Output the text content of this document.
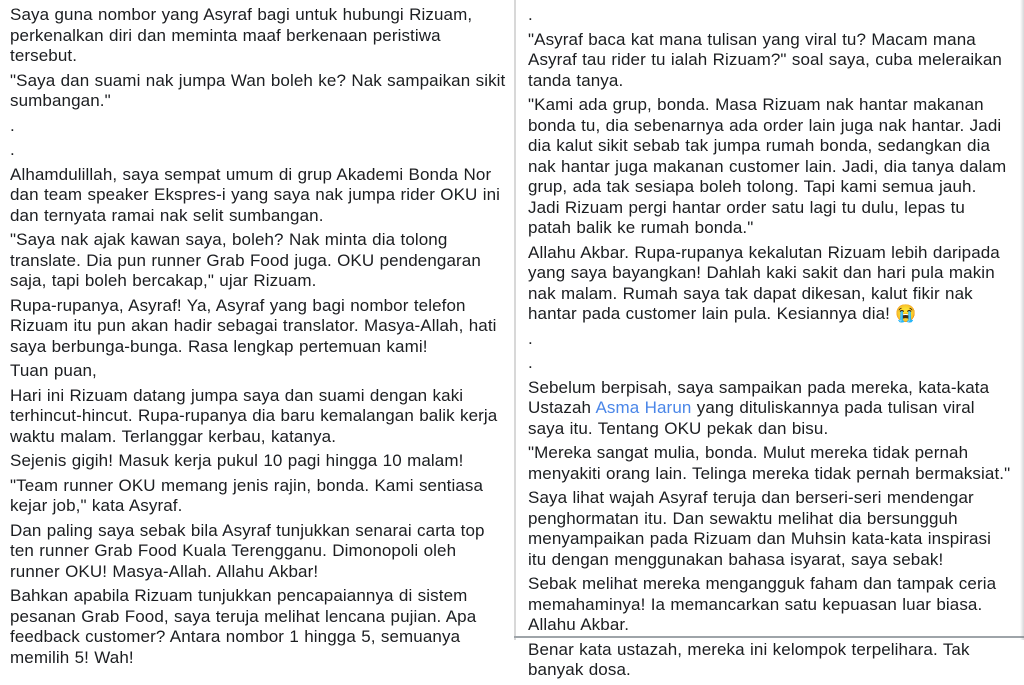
Saya guna nombor yang Asyraf bagi untuk hubungi Rizuam, perkenalkan diri dan meminta maaf berkenaan peristiwa tersebut.

"Saya dan suami nak jumpa Wan boleh ke? Nak sampaikan sikit sumbangan."

.

.

Alhamdulillah, saya sempat umum di grup Akademi Bonda Nor dan team speaker Ekspres-i yang saya nak jumpa rider OKU ini dan ternyata ramai nak selit sumbangan.

"Saya nak ajak kawan saya, boleh? Nak minta dia tolong translate. Dia pun runner Grab Food juga. OKU pendengaran saja, tapi boleh bercakap," ujar Rizuam.

Rupa-rupanya, Asyraf! Ya, Asyraf yang bagi nombor telefon Rizuam itu pun akan hadir sebagai translator. Masya-Allah, hati saya berbunga-bunga. Rasa lengkap pertemuan kami!

Tuan puan,

Hari ini Rizuam datang jumpa saya dan suami dengan kaki terhincut-hincut. Rupa-rupanya dia baru kemalangan balik kerja waktu malam. Terlanggar kerbau, katanya.

Sejenis gigih! Masuk kerja pukul 10 pagi hingga 10 malam!

"Team runner OKU memang jenis rajin, bonda. Kami sentiasa kejar job," kata Asyraf.

Dan paling saya sebak bila Asyraf tunjukkan senarai carta top ten runner Grab Food Kuala Terengganu. Dimonopoli oleh runner OKU! Masya-Allah. Allahu Akbar!

Bahkan apabila Rizuam tunjukkan pencapaiannya di sistem pesanan Grab Food, saya teruja melihat lencana pujian. Apa feedback customer? Antara nombor 1 hingga 5, semuanya memilih 5! Wah!

.

"Asyraf baca kat mana tulisan yang viral tu? Macam mana Asyraf tau rider tu ialah Rizuam?" soal saya, cuba meleraikan tanda tanya.

"Kami ada grup, bonda. Masa Rizuam nak hantar makanan bonda tu, dia sebenarnya ada order lain juga nak hantar. Jadi dia kalut sikit sebab tak jumpa rumah bonda, sedangkan dia nak hantar juga makanan customer lain. Jadi, dia tanya dalam grup, ada tak sesiapa boleh tolong. Tapi kami semua jauh. Jadi Rizuam pergi hantar order satu lagi tu dulu, lepas tu patah balik ke rumah bonda."

Allahu Akbar. Rupa-rupanya kekalutan Rizuam lebih daripada yang saya bayangkan! Dahlah kaki sakit dan hari pula makin nak malam. Rumah saya tak dapat dikesan, kalut fikir nak hantar pada customer lain pula. Kesiannya dia! 😭

.

.

Sebelum berpisah, saya sampaikan pada mereka, kata-kata Ustazah Asma Harun yang dituliskannya pada tulisan viral saya itu. Tentang OKU pekak dan bisu.

"Mereka sangat mulia, bonda. Mulut mereka tidak pernah menyakiti orang lain. Telinga mereka tidak pernah bermaksiat."

Saya lihat wajah Asyraf teruja dan berseri-seri mendengar penghormatan itu. Dan sewaktu melihat dia bersungguh menyampaikan pada Rizuam dan Muhsin kata-kata inspirasi itu dengan menggunakan bahasa isyarat, saya sebak!

Sebak melihat mereka mengangguk faham dan tampak ceria memahaminya! Ia memancarkan satu kepuasan luar biasa. Allahu Akbar.

Benar kata ustazah, mereka ini kelompok terpelihara. Tak banyak dosa.
